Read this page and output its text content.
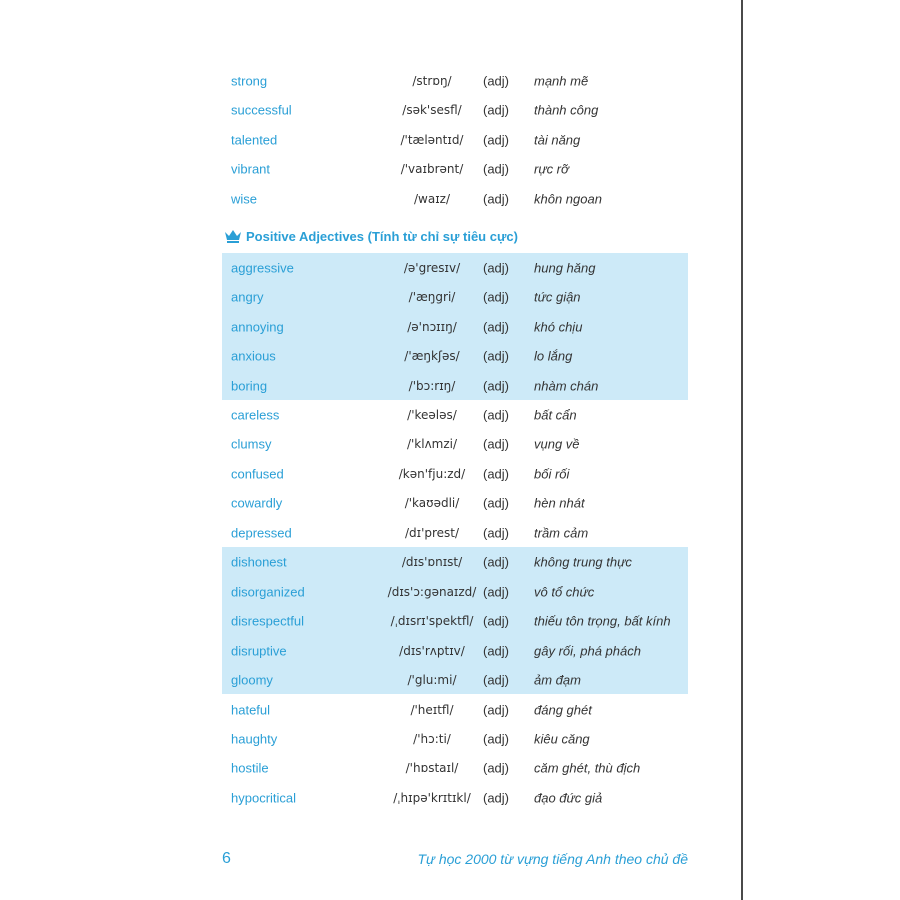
strong	/strɒŋ/	(adj) mạnh mẽ
successful	/sək'sesfl/	(adj) thành công
talented	/'tæləntɪd/	(adj) tài năng
vibrant	/'vaɪbrənt/	(adj) rực rỡ
wise	/waɪz/	(adj) khôn ngoan
Positive Adjectives (Tính từ chỉ sự tiêu cực)
aggressive	/ə'gresɪv/	(adj) hung hăng
angry	/'æŋgri/	(adj) tức giận
annoying	/ə'nɔɪɪŋ/	(adj) khó chịu
anxious	/'æŋkʃəs/	(adj) lo lắng
boring	/'bɔ:rɪŋ/	(adj) nhàm chán
careless	/'keələs/	(adj) bất cẩn
clumsy	/'klʌmzi/	(adj) vụng về
confused	/kən'fju:zd/	(adj) bối rối
cowardly	/'kaʊədli/	(adj) hèn nhát
depressed	/dɪ'prest/	(adj) trầm cảm
dishonest	/dɪs'ɒnɪst/	(adj) không trung thực
disorganized	/dɪs'ɔ:gənaɪzd/ (adj) vô tổ chức
disrespectful	/ˌdɪsrɪ'spektfl/ (adj) thiếu tôn trọng, bất kính
disruptive	/dɪs'rʌptɪv/	(adj) gây rối, phá phách
gloomy	/'glu:mi/	(adj) ảm đạm
hateful	/'heɪtfl/	(adj) đáng ghét
haughty	/'hɔ:ti/	(adj) kiêu căng
hostile	/'hɒstaɪl/	(adj) căm ghét, thù địch
hypocritical	/ˌhɪpə'krɪtɪkl/ (adj) đạo đức giả
6	Tự học 2000 từ vựng tiếng Anh theo chủ đề
